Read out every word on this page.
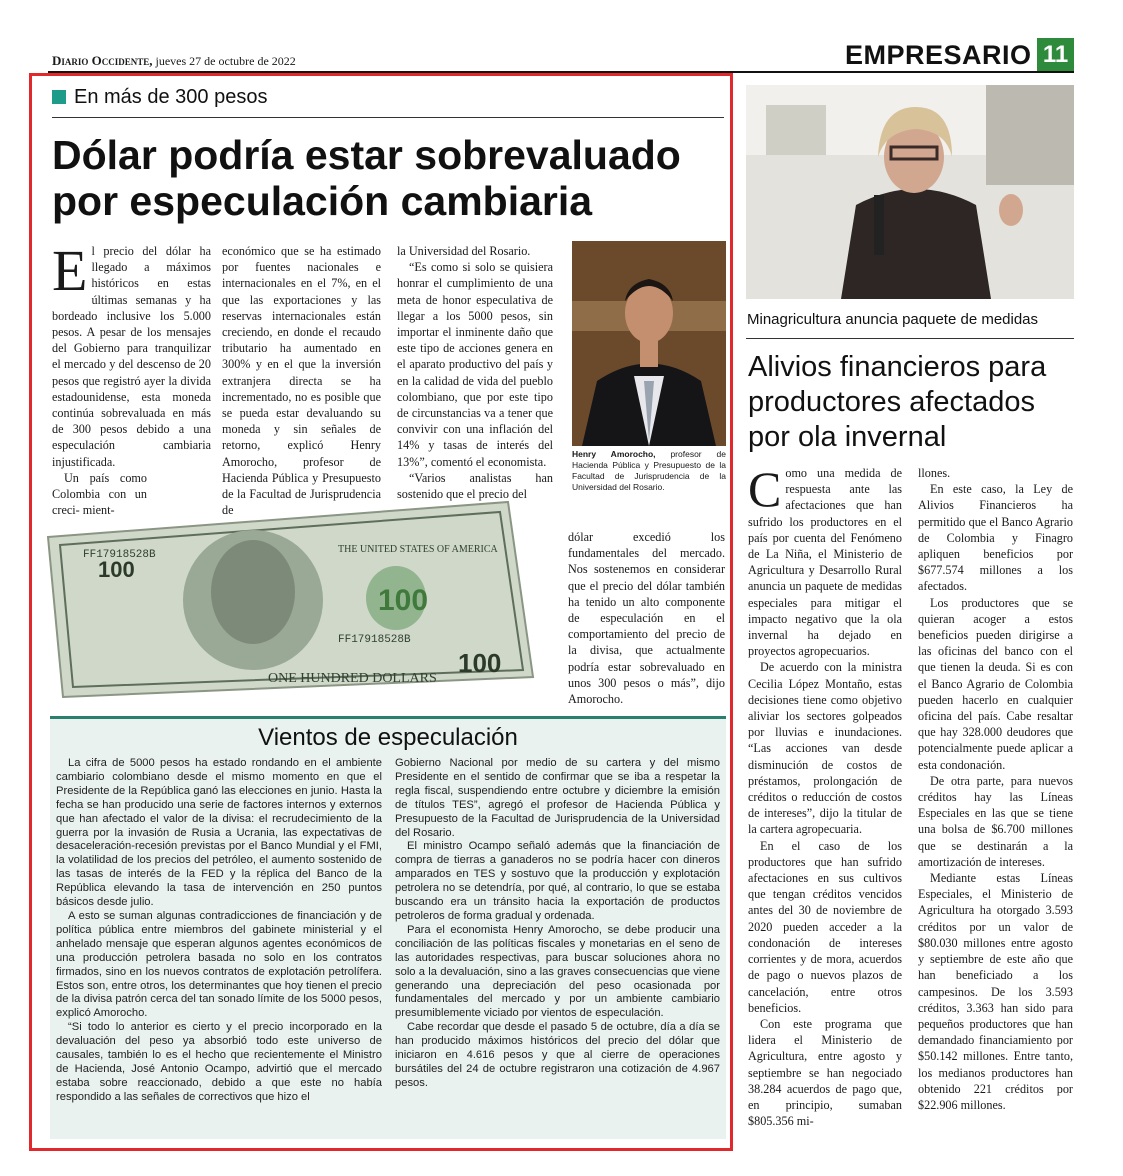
Diario Occidente, jueves 27 de octubre de 2022	EMPRESARIO 11
En más de 300 pesos
Dólar podría estar sobrevaluado por especulación cambiaria

El precio del dólar ha llegado a máximos históricos en estas últimas semanas y ha bordeado inclusive los 5.000 pesos. A pesar de los mensajes del Gobierno para tranquilizar el mercado y del descenso de 20 pesos que registró ayer la divida estadounidense, esta moneda continúa sobrevaluada en más de 300 pesos debido a una especulación cambiaria injustificada.

Un país como Colombia con un creci- mient-

económico que se ha estimado por fuentes nacionales e internacionales en el 7%, en el que las exportaciones y las reservas internacionales están creciendo, en donde el recaudo tributario ha aumentado en 300% y en el que la inversión extranjera directa se ha incrementado, no es posible que se pueda estar devaluando su moneda y sin señales de retorno, explicó Henry Amorocho, profesor de Hacienda Pública y Presupuesto de la Facultad de Jurisprudencia de

la Universidad del Rosario.

“Es como si solo se quisiera honrar el cumplimiento de una meta de honor especulativa de llegar a los 5000 pesos, sin importar el inminente daño que este tipo de acciones genera en el aparato productivo del país y en la calidad de vida del pueblo colombiano, que por este tipo de circunstancias va a tener que convivir con una inflación del 14% y tasas de interés del 13%”, comentó el economista.

“Varios analistas han sostenido que el precio del

Henry Amorocho, profesor de Hacienda Pública y Presupuesto de la Facultad de Jurisprudencia de la Universidad del Rosario.
100
100
THE UNITED STATES OF AMERICA
FF17918528B
FF17918528B
ONE HUNDRED DOLLARS
100

dólar excedió los fundamentales del mercado. Nos sostenemos en considerar que el precio del dólar también ha tenido un alto componente de especulación en el comportamiento del precio de la divisa, que actualmente podría estar sobrevaluado en unos 300 pesos o más”, dijo Amorocho.

Vientos de especulación

La cifra de 5000 pesos ha estado rondando en el ambiente cambiario colombiano desde el mismo momento en que el Presidente de la República ganó las elecciones en junio. Hasta la fecha se han producido una serie de factores internos y externos que han afectado el valor de la divisa: el recrudecimiento de la guerra por la invasión de Rusia a Ucrania, las expectativas de desaceleración-recesión previstas por el Banco Mundial y el FMI, la volatilidad de los precios del petróleo, el aumento sostenido de las tasas de interés de la FED y la réplica del Banco de la República elevando la tasa de intervención en 250 puntos básicos desde julio.

A esto se suman algunas contradicciones de financiación y de política pública entre miembros del gabinete ministerial y el anhelado mensaje que esperan algunos agentes económicos de una producción petrolera basada no solo en los contratos firmados, sino en los nuevos contratos de explotación petrolífera. Estos son, entre otros, los determinantes que hoy tienen el precio de la divisa patrón cerca del tan sonado límite de los 5000 pesos, explicó Amorocho.

“Si todo lo anterior es cierto y el precio incorporado en la devaluación del peso ya absorbió todo este universo de causales, también lo es el hecho que recientemente el Ministro de Hacienda, José Antonio Ocampo, advirtió que el mercado estaba sobre reaccionado, debido a que este no había respondido a las señales de correctivos que hizo el

Gobierno Nacional por medio de su cartera y del mismo Presidente en el sentido de confirmar que se iba a respetar la regla fiscal, suspendiendo entre octubre y diciembre la emisión de títulos TES”, agregó el profesor de Hacienda Pública y Presupuesto de la Facultad de Jurisprudencia de la Universidad del Rosario.

El ministro Ocampo señaló además que la financiación de compra de tierras a ganaderos no se podría hacer con dineros amparados en TES y sostuvo que la producción y explotación petrolera no se detendría, por qué, al contrario, lo que se estaba buscando era un tránsito hacia la exportación de productos petroleros de forma gradual y ordenada.

Para el economista Henry Amorocho, se debe producir una conciliación de las políticas fiscales y monetarias en el seno de las autoridades respectivas, para buscar soluciones ahora no solo a la devaluación, sino a las graves consecuencias que viene generando una depreciación del peso ocasionada por fundamentales del mercado y por un ambiente cambiario presumiblemente viciado por vientos de especulación.

Cabe recordar que desde el pasado 5 de octubre, día a día se han producido máximos históricos del precio del dólar que iniciaron en 4.616 pesos y que al cierre de operaciones bursátiles del 24 de octubre registraron una cotización de 4.967 pesos.

Minagricultura anuncia paquete de medidas
Alivios financieros para productores afectados por ola invernal

Como una medida de respuesta ante las afectaciones que han sufrido los productores en el país por cuenta del Fenómeno de La Niña, el Ministerio de Agricultura y Desarrollo Rural anuncia un paquete de medidas especiales para mitigar el impacto negativo que la ola invernal ha dejado en proyectos agropecuarios.

De acuerdo con la ministra Cecilia López Montaño, estas decisiones tiene como objetivo aliviar los sectores golpeados por lluvias e inundaciones. “Las acciones van desde disminución de costos de préstamos, prolongación de créditos o reducción de costos de intereses”, dijo la titular de la cartera agropecuaria.

En el caso de los productores que han sufrido afectaciones en sus cultivos que tengan créditos vencidos antes del 30 de noviembre de 2020 pueden acceder a la condonación de intereses corrientes y de mora, acuerdos de pago o nuevos plazos de cancelación, entre otros beneficios.

Con este programa que lidera el Ministerio de Agricultura, entre agosto y septiembre se han negociado 38.284 acuerdos de pago que, en principio, sumaban $805.356 mi-

llones.

En este caso, la Ley de Alivios Financieros ha permitido que el Banco Agrario de Colombia y Finagro apliquen beneficios por $677.574 millones a los afectados.

Los productores que se quieran acoger a estos beneficios pueden dirigirse a las oficinas del banco con el que tienen la deuda. Si es con el Banco Agrario de Colombia pueden hacerlo en cualquier oficina del país. Cabe resaltar que hay 328.000 deudores que potencialmente puede aplicar a esta condonación.

De otra parte, para nuevos créditos hay las Líneas Especiales en las que se tiene una bolsa de $6.700 millones que se destinarán a la amortización de intereses.

Mediante estas Líneas Especiales, el Ministerio de Agricultura ha otorgado 3.593 créditos por un valor de $80.030 millones entre agosto y septiembre de este año que han beneficiado a los campesinos. De los 3.593 créditos, 3.363 han sido para pequeños productores que han demandado financiamiento por $50.142 millones. Entre tanto, los medianos productores han obtenido 221 créditos por $22.906 millones.
